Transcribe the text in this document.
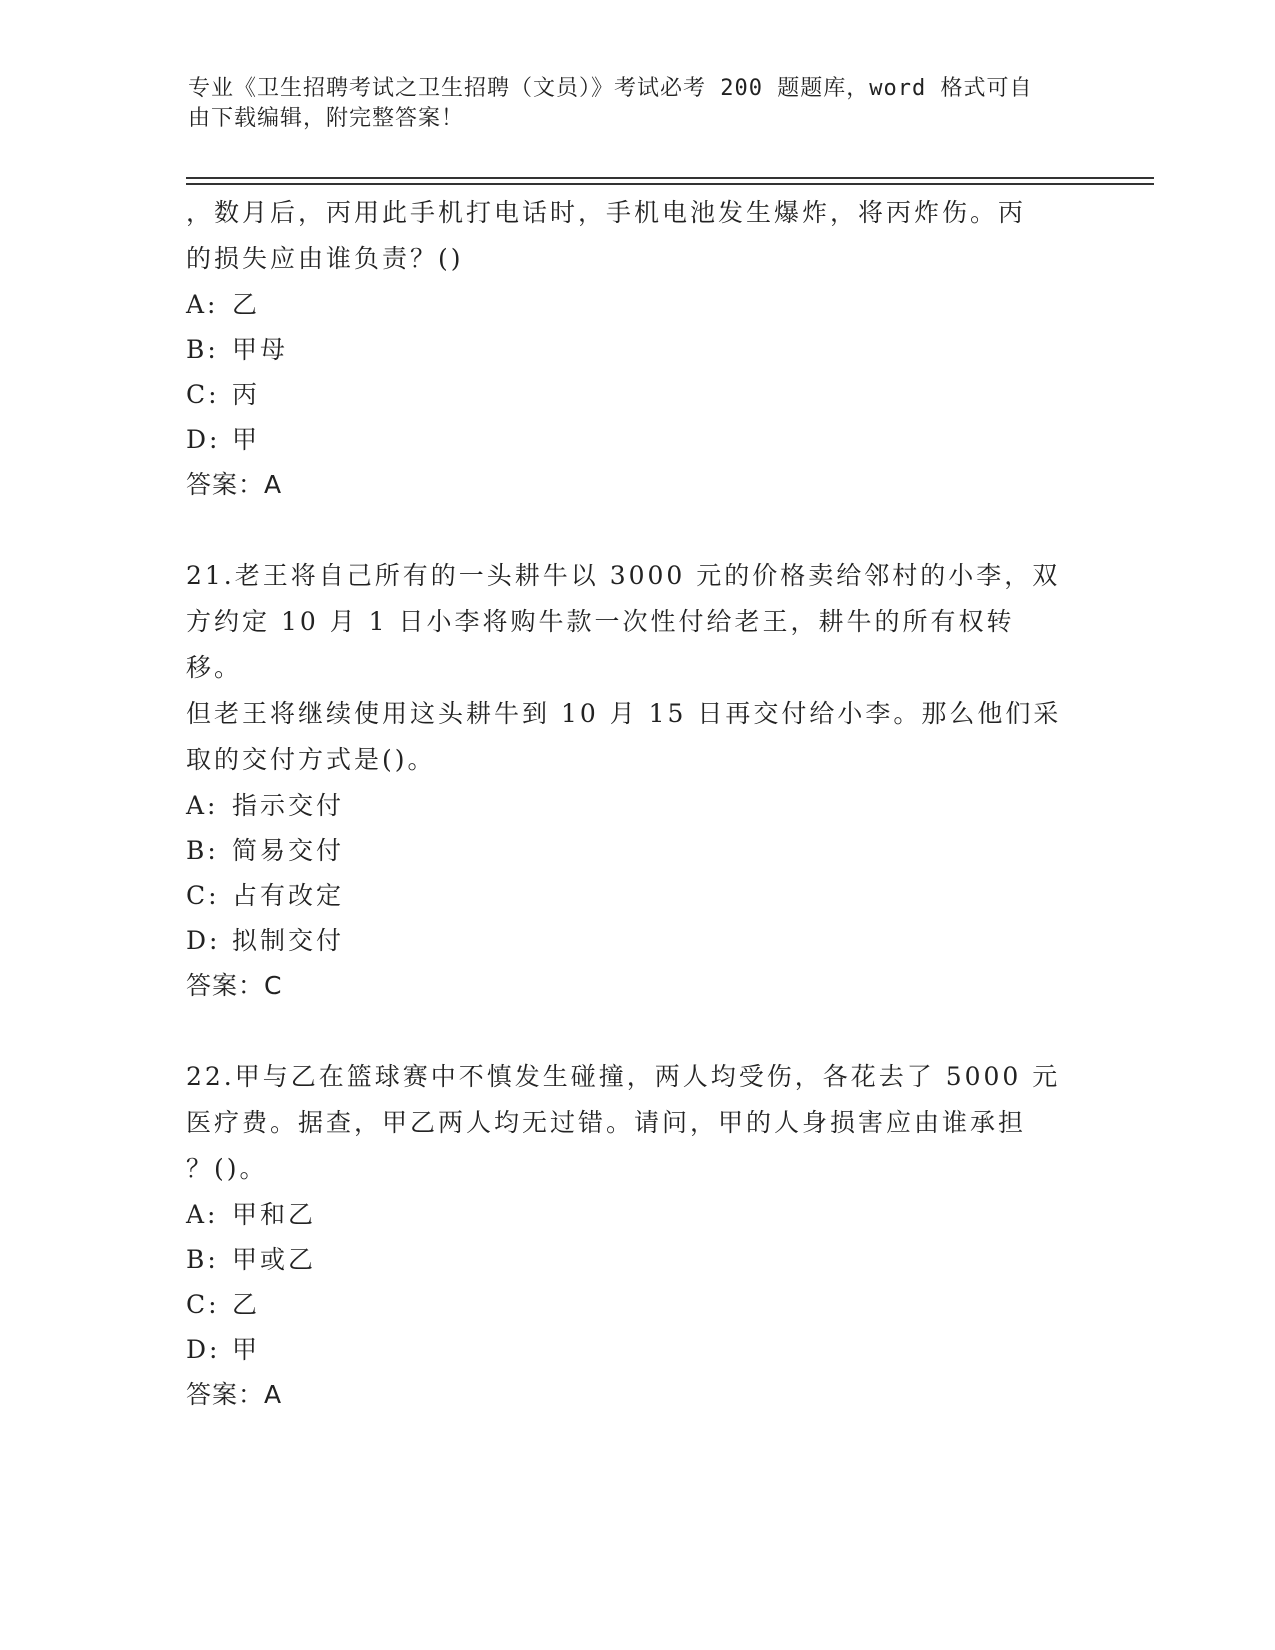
专业《卫生招聘考试之卫生招聘（文员）》考试必考 200 题题库，word 格式可自
由下载编辑，附完整答案！

，数月后，丙用此手机打电话时，手机电池发生爆炸，将丙炸伤。丙

的损失应由谁负责？()

A: 乙

B: 甲母

C: 丙

D: 甲

答案：A

21.老王将自己所有的一头耕牛以 3000 元的价格卖给邻村的小李，双

方约定 10 月 1 日小李将购牛款一次性付给老王，耕牛的所有权转移。

但老王将继续使用这头耕牛到 10 月 15 日再交付给小李。那么他们采

取的交付方式是()。

A: 指示交付

B: 简易交付

C: 占有改定

D: 拟制交付

答案：C

22.甲与乙在篮球赛中不慎发生碰撞，两人均受伤，各花去了 5000 元

医疗费。据查，甲乙两人均无过错。请问，甲的人身损害应由谁承担

？()。

A: 甲和乙

B: 甲或乙

C: 乙

D: 甲

答案：A
